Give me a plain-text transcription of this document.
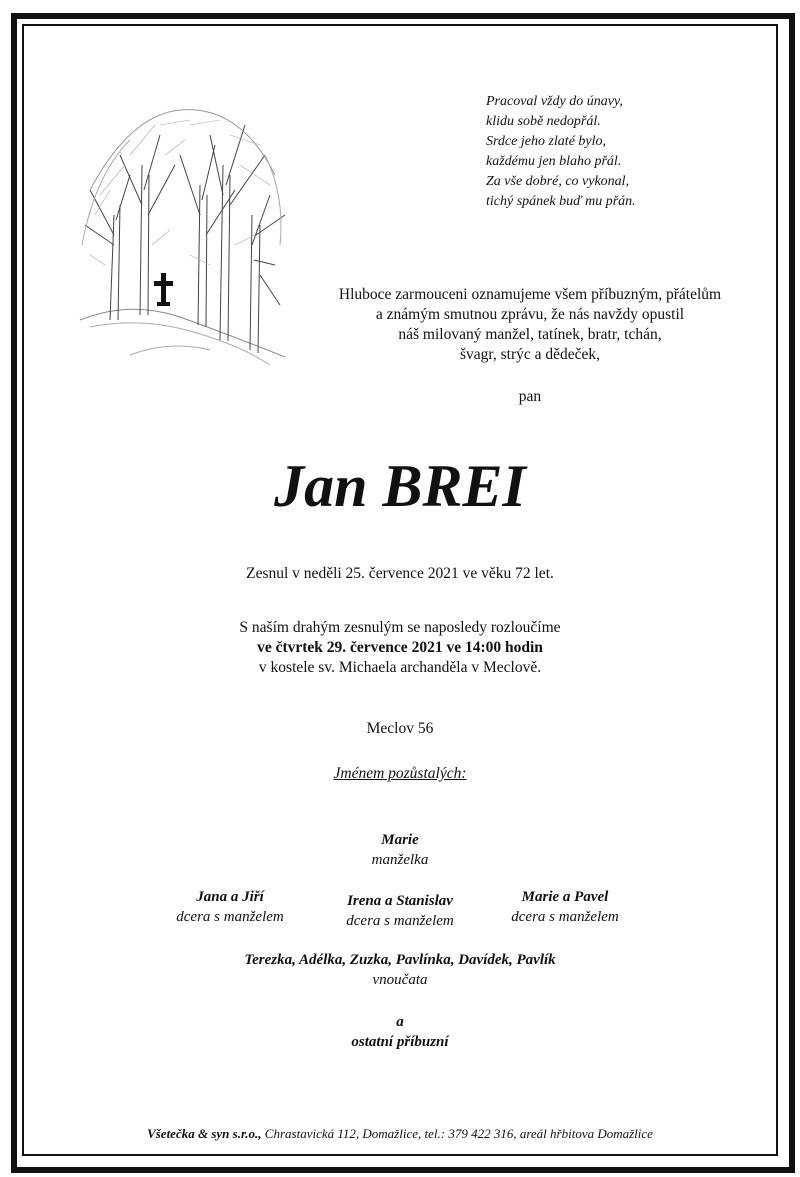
Pracoval vždy do únavy,
klidu sobě nedopřál.
Srdce jeho zlaté bylo,
každému jen blaho přál.
Za vše dobré, co vykonal,
tichý spánek buď mu přán.
Hluboce zarmouceni oznamujeme všem příbuzným, přátelům
a známým smutnou zprávu, že nás navždy opustil
náš milovaný manžel, tatínek, bratr, tchán,
švagr, strýc a dědeček,
pan
Jan BREI
Zesnul v neděli 25. července 2021 ve věku 72 let.
S naším drahým zesnulým se naposledy rozloučíme
ve čtvrtek 29. července 2021 ve 14:00 hodin
v kostele sv. Michaela archanděla v Meclově.
Meclov 56
Jménem pozůstalých:
Marie
manželka
Jana a Jiří
dcera s manželem
Irena a Stanislav
dcera s manželem
Marie a Pavel
dcera s manželem
Terezka, Adélka, Zuzka, Pavlínka, Davídek, Pavlík
vnoučata
a
ostatní příbuzní
Všetečka & syn s.r.o., Chrastavická 112, Domažlice, tel.: 379 422 316, areál hřbitova Domažlice
